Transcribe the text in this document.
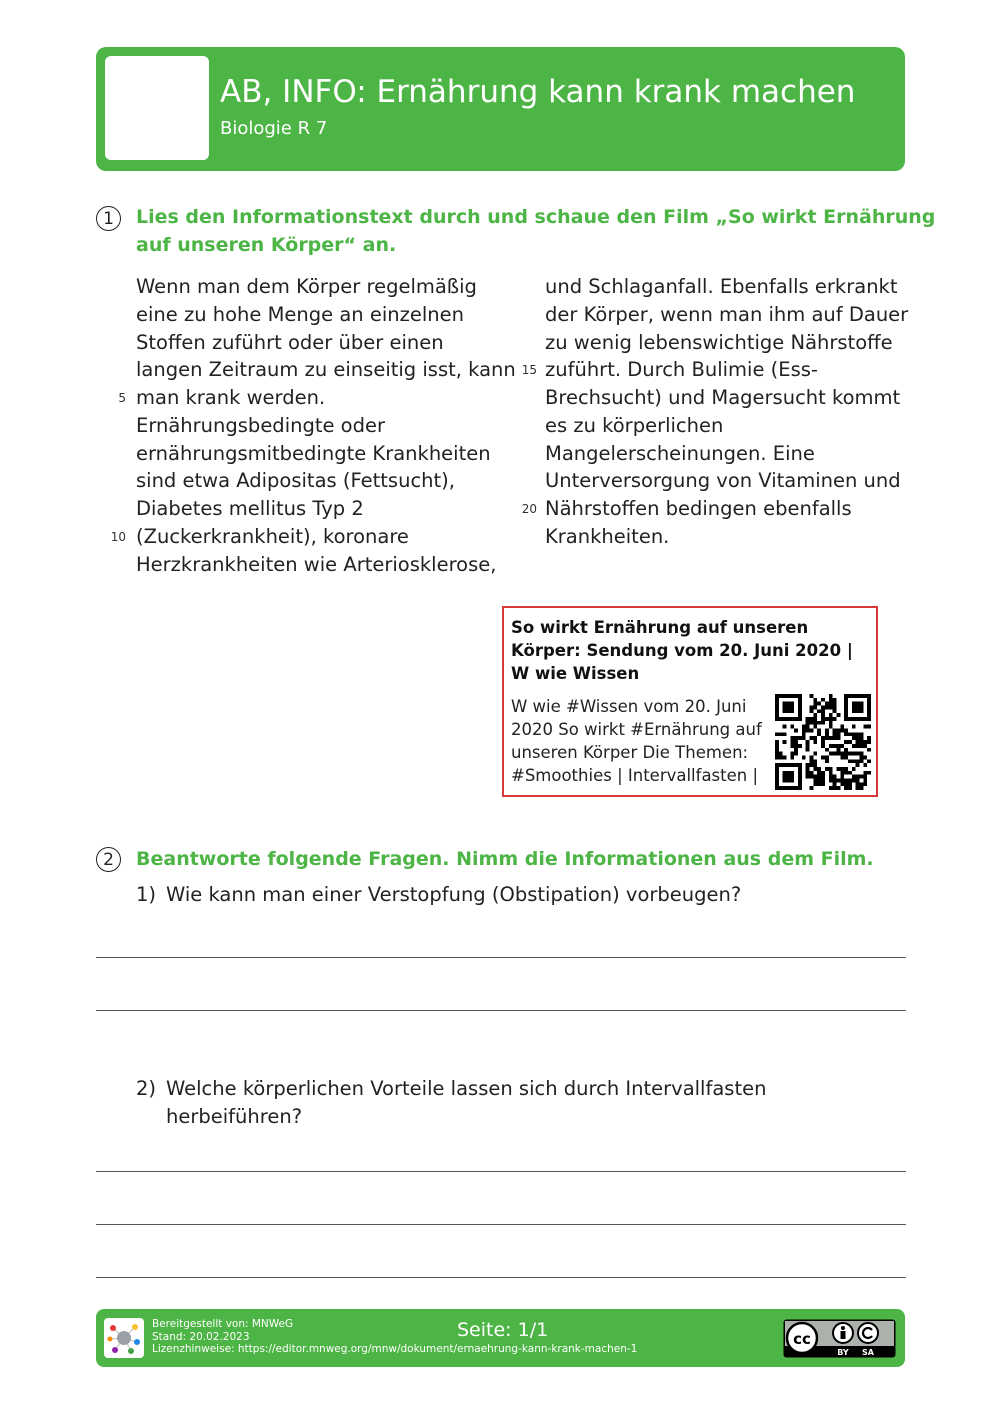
AB, INFO: Ernährung kann krank machen
Biologie R 7
1	Lies den Informationstext durch und schaue den Film „So wirkt Ernährung
auf unseren Körper“ an.
Wenn man dem Körper regelmäßig
eine zu hohe Menge an einzelnen
Stoffen zuführt oder über einen
langen Zeitraum zu einseitig isst, kann
man krank werden.
Ernährungsbedingte oder
ernährungsmitbedingte Krankheiten
sind etwa Adipositas (Fettsucht),
Diabetes mellitus Typ 2
(Zuckerkrankheit), koronare
Herzkrankheiten wie Arteriosklerose,
5
10
und Schlaganfall. Ebenfalls erkrankt
der Körper, wenn man ihm auf Dauer
zu wenig lebenswichtige Nährstoffe
zuführt. Durch Bulimie (Ess-
Brechsucht) und Magersucht kommt
es zu körperlichen
Mangelerscheinungen. Eine
Unterversorgung von Vitaminen und
Nährstoffen bedingen ebenfalls
Krankheiten.
15
20
So wirkt Ernährung auf unseren Körper: Sendung vom 20. Juni 2020 | W wie Wissen
W wie #Wissen vom 20. Juni 2020 So wirkt #Ernährung auf unseren Körper Die Themen: #Smoothies | Intervallfasten |
2	Beantworte folgende Fragen. Nimm die Informationen aus dem Film.
1) Wie kann man einer Verstopfung (Obstipation) vorbeugen?
2) Welche körperlichen Vorteile lassen sich durch Intervallfasten
herbeiführen?
Bereitgestellt von: MNWeG
Stand: 20.02.2023
Lizenzhinweise: https://editor.mnweg.org/mnw/dokument/ernaehrung-kann-krank-machen-1
Seite: 1/1	cc
BY SA
